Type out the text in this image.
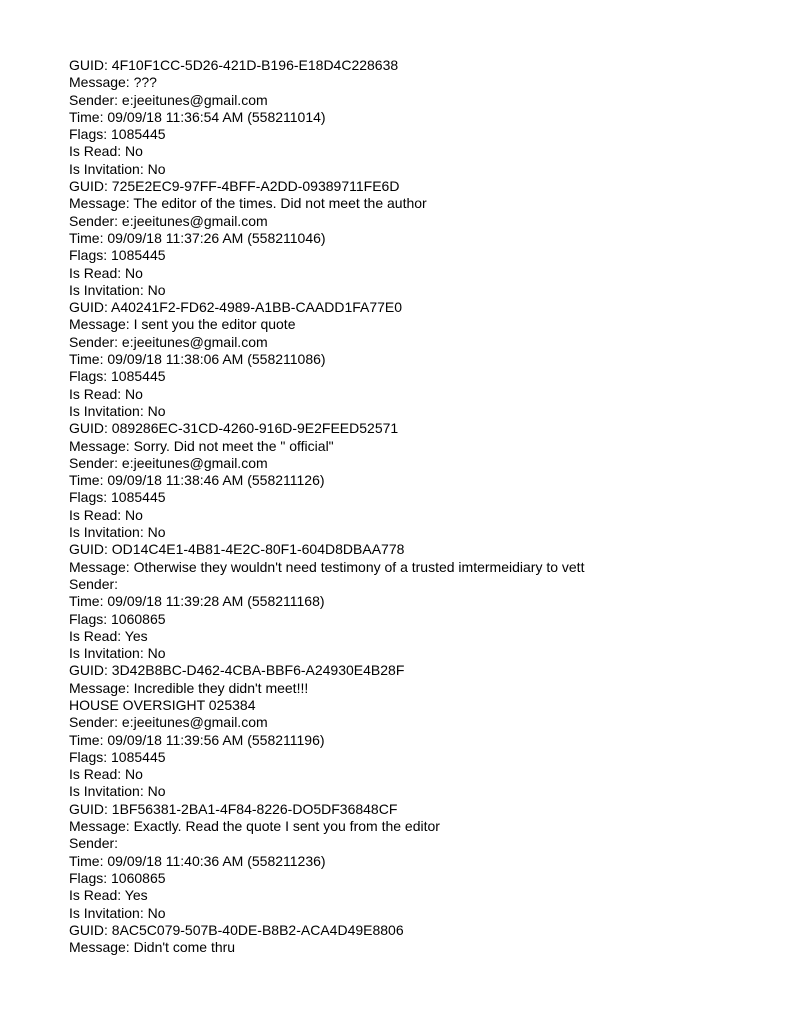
GUID: 4F10F1CC-5D26-421D-B196-E18D4C228638
Message: ???
Sender: e:jeeitunes@gmail.com
Time: 09/09/18 11:36:54 AM (558211014)
Flags: 1085445
Is Read: No
Is Invitation: No
GUID: 725E2EC9-97FF-4BFF-A2DD-09389711FE6D
Message: The editor of the times. Did not meet the author
Sender: e:jeeitunes@gmail.com
Time: 09/09/18 11:37:26 AM (558211046)
Flags: 1085445
Is Read: No
Is Invitation: No
GUID: A40241F2-FD62-4989-A1BB-CAADD1FA77E0
Message: I sent you the editor quote
Sender: e:jeeitunes@gmail.com
Time: 09/09/18 11:38:06 AM (558211086)
Flags: 1085445
Is Read: No
Is Invitation: No
GUID: 089286EC-31CD-4260-916D-9E2FEED52571
Message: Sorry. Did not meet the " official"
Sender: e:jeeitunes@gmail.com
Time: 09/09/18 11:38:46 AM (558211126)
Flags: 1085445
Is Read: No
Is Invitation: No
GUID: OD14C4E1-4B81-4E2C-80F1-604D8DBAA778
Message: Otherwise they wouldn't need testimony of a trusted imtermeidiary to vett
Sender:
Time: 09/09/18 11:39:28 AM (558211168)
Flags: 1060865
Is Read: Yes
Is Invitation: No
GUID: 3D42B8BC-D462-4CBA-BBF6-A24930E4B28F
Message: Incredible they didn't meet!!!
HOUSE OVERSIGHT 025384
Sender: e:jeeitunes@gmail.com
Time: 09/09/18 11:39:56 AM (558211196)
Flags: 1085445
Is Read: No
Is Invitation: No
GUID: 1BF56381-2BA1-4F84-8226-DO5DF36848CF
Message: Exactly. Read the quote I sent you from the editor
Sender:
Time: 09/09/18 11:40:36 AM (558211236)
Flags: 1060865
Is Read: Yes
Is Invitation: No
GUID: 8AC5C079-507B-40DE-B8B2-ACA4D49E8806
Message: Didn't come thru
